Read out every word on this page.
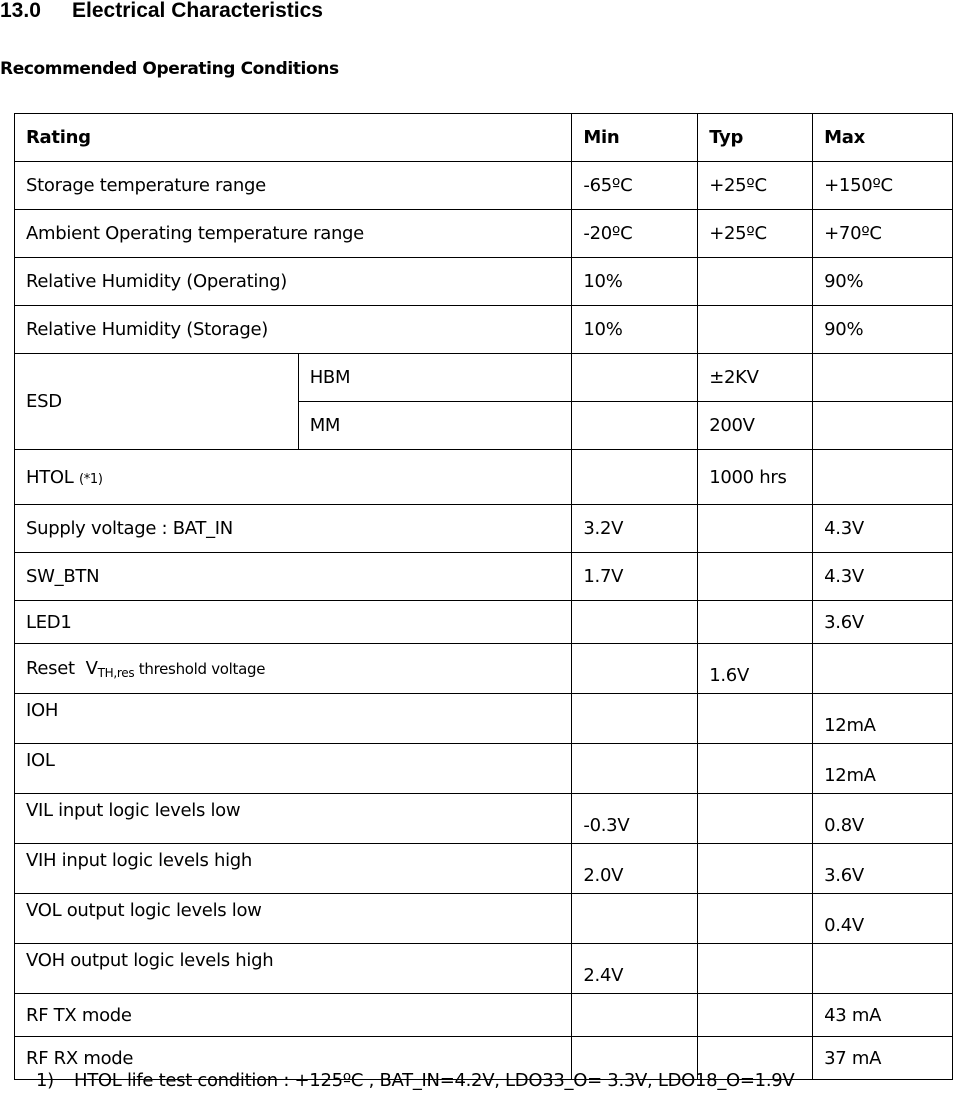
13.0 Electrical Characteristics
Recommended Operating Conditions
Rating		Min	Typ	Max
Storage temperature range		-65ºC	+25ºC	+150ºC
Ambient Operating temperature range		-20ºC	+25ºC	+70ºC
Relative Humidity (Operating)		10%		90%
Relative Humidity (Storage)		10%		90%
ESD	HBM		±2KV	
	MM		200V	
HTOL (*1)			1000 hrs	
Supply voltage : BAT_IN		3.2V		4.3V
SW_BTN		1.7V		4.3V
LED1				3.6V
Reset  $V_{TH,res}$ threshold voltage			1.6V	
IOH				12mA
IOL				12mA
VIL input logic levels low		-0.3V		0.8V
VIH input logic levels high		2.0V		3.6V
VOL output logic levels low				0.4V
VOH output logic levels high		2.4V		
RF TX mode				43 mA
RF RX mode				37 mA
1) HTOL life test condition : +125ºC , BAT_IN=4.2V, LDO33_O= 3.3V, LDO18_O=1.9V
